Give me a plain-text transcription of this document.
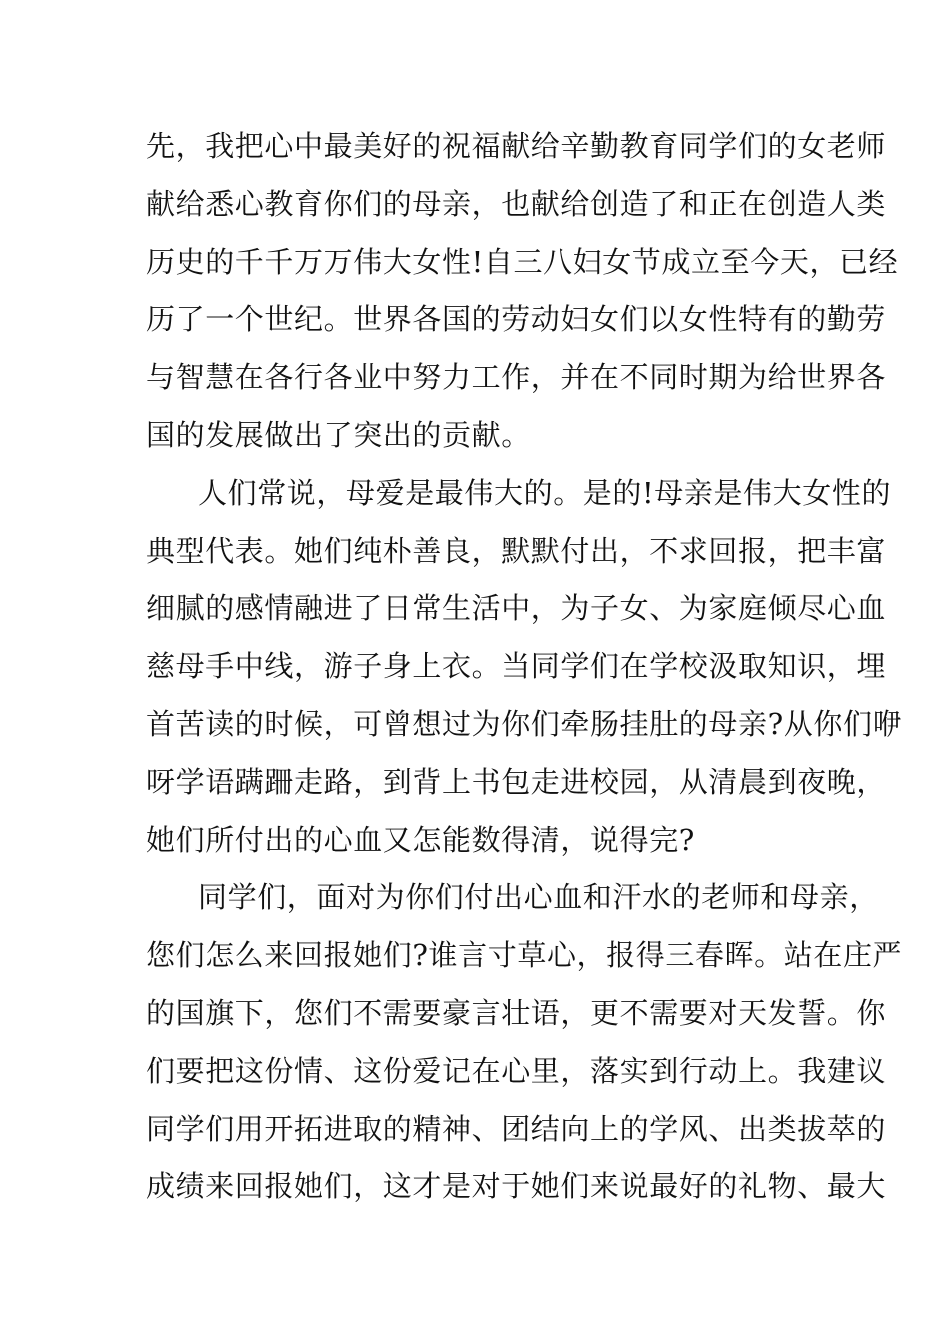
先，我把心中最美好的祝福献给辛勤教育同学们的女老师
献给悉心教育你们的母亲，也献给创造了和正在创造人类
历史的千千万万伟大女性!自三八妇女节成立至今天，已经
历了一个世纪。世界各国的劳动妇女们以女性特有的勤劳
与智慧在各行各业中努力工作，并在不同时期为给世界各
国的发展做出了突出的贡献。
人们常说，母爱是最伟大的。是的!母亲是伟大女性的
典型代表。她们纯朴善良，默默付出，不求回报，把丰富
细腻的感情融进了日常生活中，为子女、为家庭倾尽心血
慈母手中线，游子身上衣。当同学们在学校汲取知识，埋
首苦读的时候，可曾想过为你们牵肠挂肚的母亲?从你们咿
呀学语蹒跚走路，到背上书包走进校园，从清晨到夜晚，
她们所付出的心血又怎能数得清，说得完?
同学们，面对为你们付出心血和汗水的老师和母亲，
您们怎么来回报她们?谁言寸草心，报得三春晖。站在庄严
的国旗下，您们不需要豪言壮语，更不需要对天发誓。你
们要把这份情、这份爱记在心里，落实到行动上。我建议
同学们用开拓进取的精神、团结向上的学风、出类拔萃的
成绩来回报她们，这才是对于她们来说最好的礼物、最大
